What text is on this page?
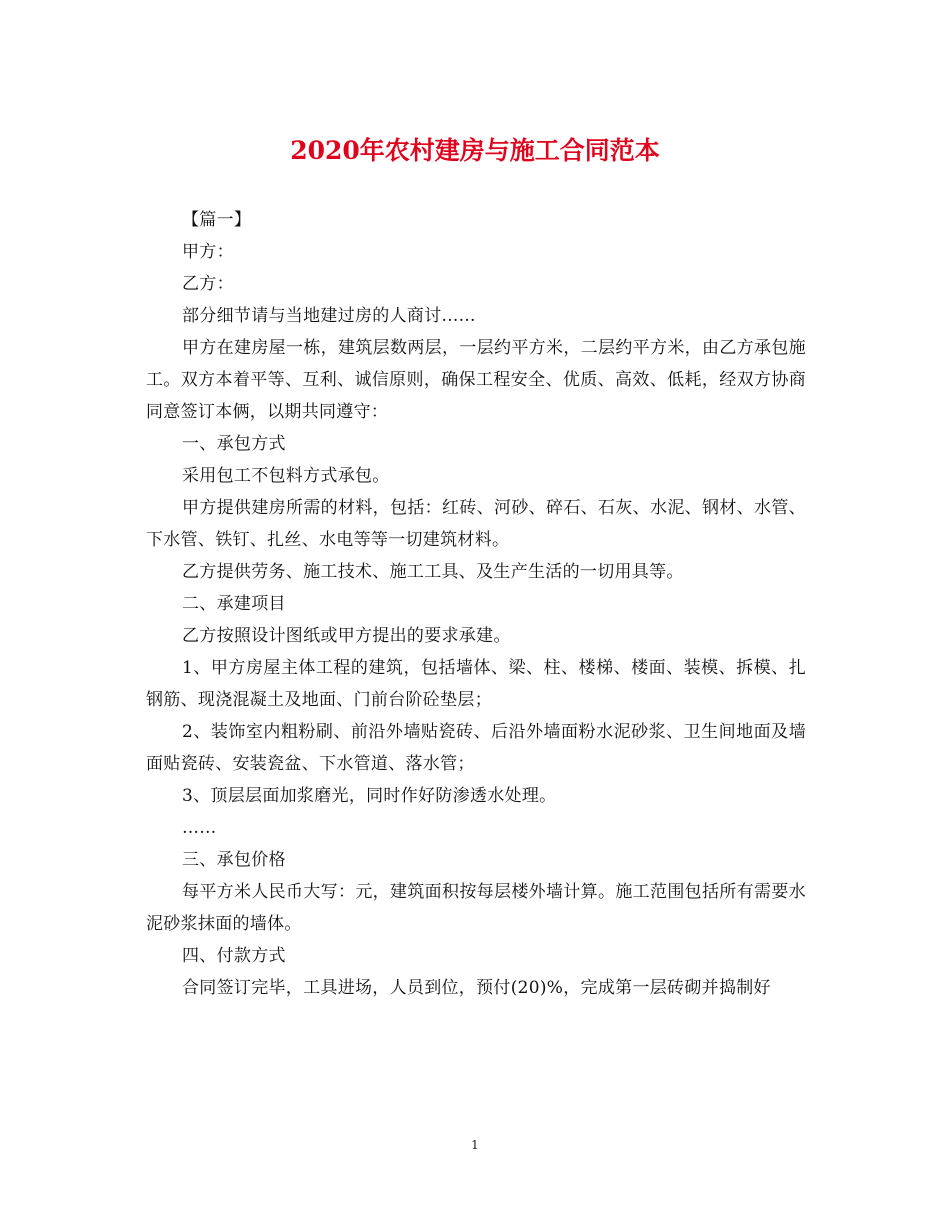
2020年农村建房与施工合同范本

【篇一】

甲方：

乙方：

部分细节请与当地建过房的人商讨......

甲方在建房屋一栋，建筑层数两层，一层约平方米，二层约平方米，由乙方承包施工。双方本着平等、互利、诚信原则，确保工程安全、优质、高效、低耗，经双方协商同意签订本俩，以期共同遵守：

一、承包方式

采用包工不包料方式承包。

甲方提供建房所需的材料，包括：红砖、河砂、碎石、石灰、水泥、钢材、水管、下水管、铁钉、扎丝、水电等等一切建筑材料。

乙方提供劳务、施工技术、施工工具、及生产生活的一切用具等。

二、承建项目

乙方按照设计图纸或甲方提出的要求承建。

1、甲方房屋主体工程的建筑，包括墙体、梁、柱、楼梯、楼面、装模、拆模、扎钢筋、现浇混凝土及地面、门前台阶砼垫层；

2、装饰室内粗粉刷、前沿外墙贴瓷砖、后沿外墙面粉水泥砂浆、卫生间地面及墙面贴瓷砖、安装瓷盆、下水管道、落水管；

3、顶层层面加浆磨光，同时作好防渗透水处理。

……

三、承包价格

每平方米人民币大写：元，建筑面积按每层楼外墙计算。施工范围包括所有需要水泥砂浆抹面的墙体。

四、付款方式

合同签订完毕，工具进场，人员到位，预付(20)%，完成第一层砖砌并捣制好

1
